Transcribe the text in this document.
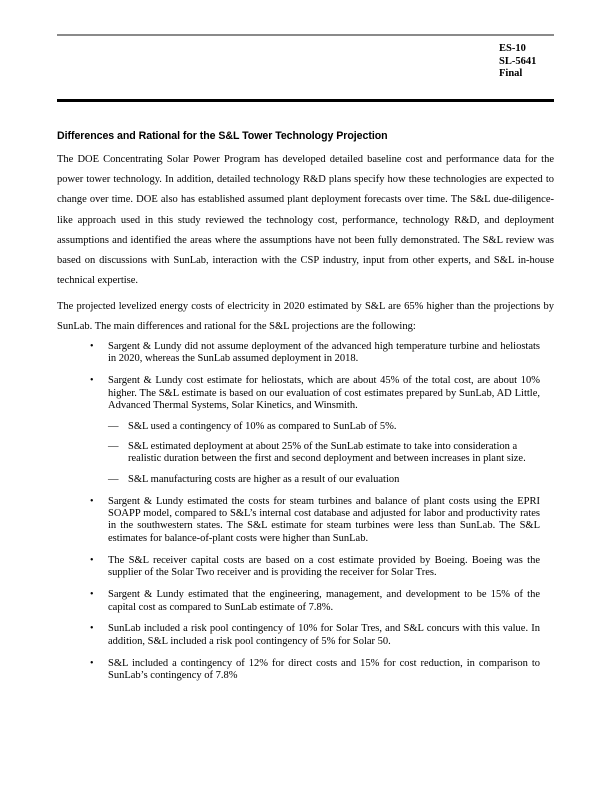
ES-10
SL-5641
Final
Differences and Rational for the S&L Tower Technology Projection

The DOE Concentrating Solar Power Program has developed detailed baseline cost and performance data for the power tower technology. In addition, detailed technology R&D plans specify how these technologies are expected to change over time. DOE also has established assumed plant deployment forecasts over time. The S&L due-diligence-like approach used in this study reviewed the technology cost, performance, technology R&D, and deployment assumptions and identified the areas where the assumptions have not been fully demonstrated. The S&L review was based on discussions with SunLab, interaction with the CSP industry, input from other experts, and S&L in-house technical expertise.

The projected levelized energy costs of electricity in 2020 estimated by S&L are 65% higher than the projections by SunLab. The main differences and rational for the S&L projections are the following:

• Sargent & Lundy did not assume deployment of the advanced high temperature turbine and heliostats in 2020, whereas the SunLab assumed deployment in 2018.
• Sargent & Lundy cost estimate for heliostats, which are about 45% of the total cost, are about 10% higher. The S&L estimate is based on our evaluation of cost estimates prepared by SunLab, AD Little, Advanced Thermal Systems, Solar Kinetics, and Winsmith.
— S&L used a contingency of 10% as compared to SunLab of 5%.
— S&L estimated deployment at about 25% of the SunLab estimate to take into consideration a realistic duration between the first and second deployment and between increases in plant size.
— S&L manufacturing costs are higher as a result of our evaluation
• Sargent & Lundy estimated the costs for steam turbines and balance of plant costs using the EPRI SOAPP model, compared to S&L’s internal cost database and adjusted for labor and productivity rates in the southwestern states. The S&L estimate for steam turbines were less than SunLab. The S&L estimates for balance-of-plant costs were higher than SunLab.
• The S&L receiver capital costs are based on a cost estimate provided by Boeing. Boeing was the supplier of the Solar Two receiver and is providing the receiver for Solar Tres.
• Sargent & Lundy estimated that the engineering, management, and development to be 15% of the capital cost as compared to SunLab estimate of 7.8%.
• SunLab included a risk pool contingency of 10% for Solar Tres, and S&L concurs with this value. In addition, S&L included a risk pool contingency of 5% for Solar 50.
• S&L included a contingency of 12% for direct costs and 15% for cost reduction, in comparison to SunLab’s contingency of 7.8%
